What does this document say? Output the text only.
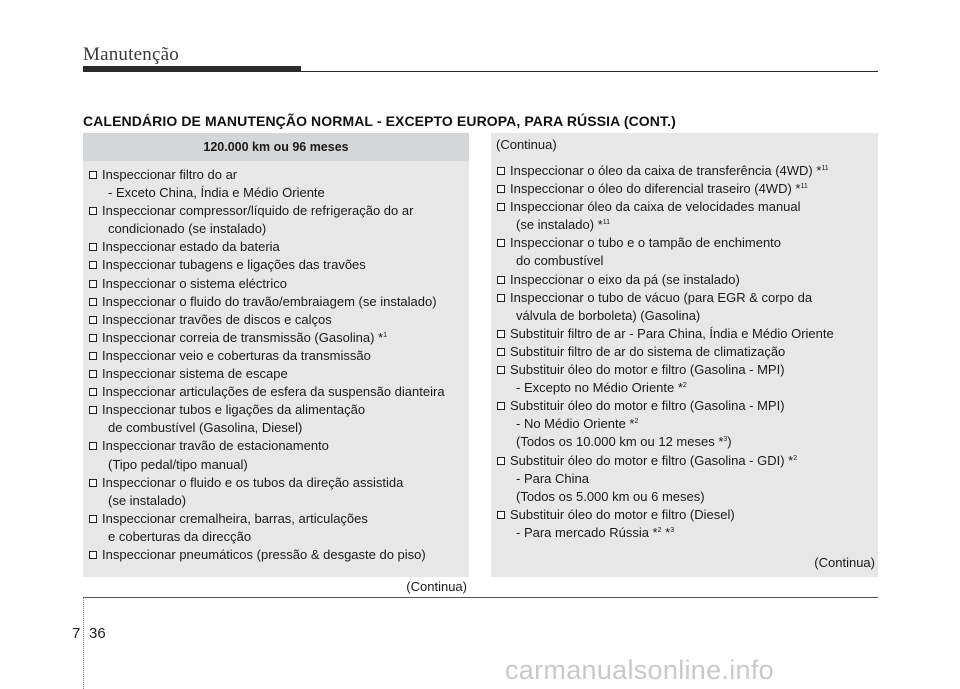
Manutenção
CALENDÁRIO DE MANUTENÇÃO NORMAL - EXCEPTO EUROPA, PARA RÚSSIA (CONT.)
120.000 km ou 96 meses
Inspeccionar filtro do ar
- Exceto China, Índia e Médio Oriente
Inspeccionar compressor/líquido de refrigeração do ar
condicionado (se instalado)
Inspeccionar estado da bateria
Inspeccionar tubagens e ligações das travões
Inspeccionar o sistema eléctrico
Inspeccionar o fluido do travão/embraiagem (se instalado)
Inspeccionar travões de discos e calços
Inspeccionar correia de transmissão (Gasolina) *$^1$
Inspeccionar veio e coberturas da transmissão
Inspeccionar sistema de escape
Inspeccionar articulações de esfera da suspensão dianteira
Inspeccionar tubos e ligações da alimentação
de combustível (Gasolina, Diesel)
Inspeccionar travão de estacionamento
(Tipo pedal/tipo manual)
Inspeccionar o fluido e os tubos da direção assistida
(se instalado)
Inspeccionar cremalheira, barras, articulações
e coberturas da direcção
Inspeccionar pneumáticos (pressão & desgaste do piso)
(Continua)
(Continua)
Inspeccionar o óleo da caixa de transferência (4WD) *$^{11}$
Inspeccionar o óleo do diferencial traseiro (4WD) *$^{11}$
Inspeccionar óleo da caixa de velocidades manual
(se instalado) *$^{11}$
Inspeccionar o tubo e o tampão de enchimento
do combustível
Inspeccionar o eixo da pá (se instalado)
Inspeccionar o tubo de vácuo (para EGR & corpo da
válvula de borboleta) (Gasolina)
Substituir filtro de ar - Para China, Índia e Médio Oriente
Substituir filtro de ar do sistema de climatização
Substituir óleo do motor e filtro (Gasolina - MPI)
- Excepto no Médio Oriente *$^2$
Substituir óleo do motor e filtro (Gasolina - MPI)
- No Médio Oriente *$^2$
(Todos os 10.000 km ou 12 meses *$^3$)
Substituir óleo do motor e filtro (Gasolina - GDI) *$^2$
- Para China
(Todos os 5.000 km ou 6 meses)
Substituir óleo do motor e filtro (Diesel)
- Para mercado Rússia *$^2$ *$^3$
(Continua)
7 36
carmanualsonline.info
